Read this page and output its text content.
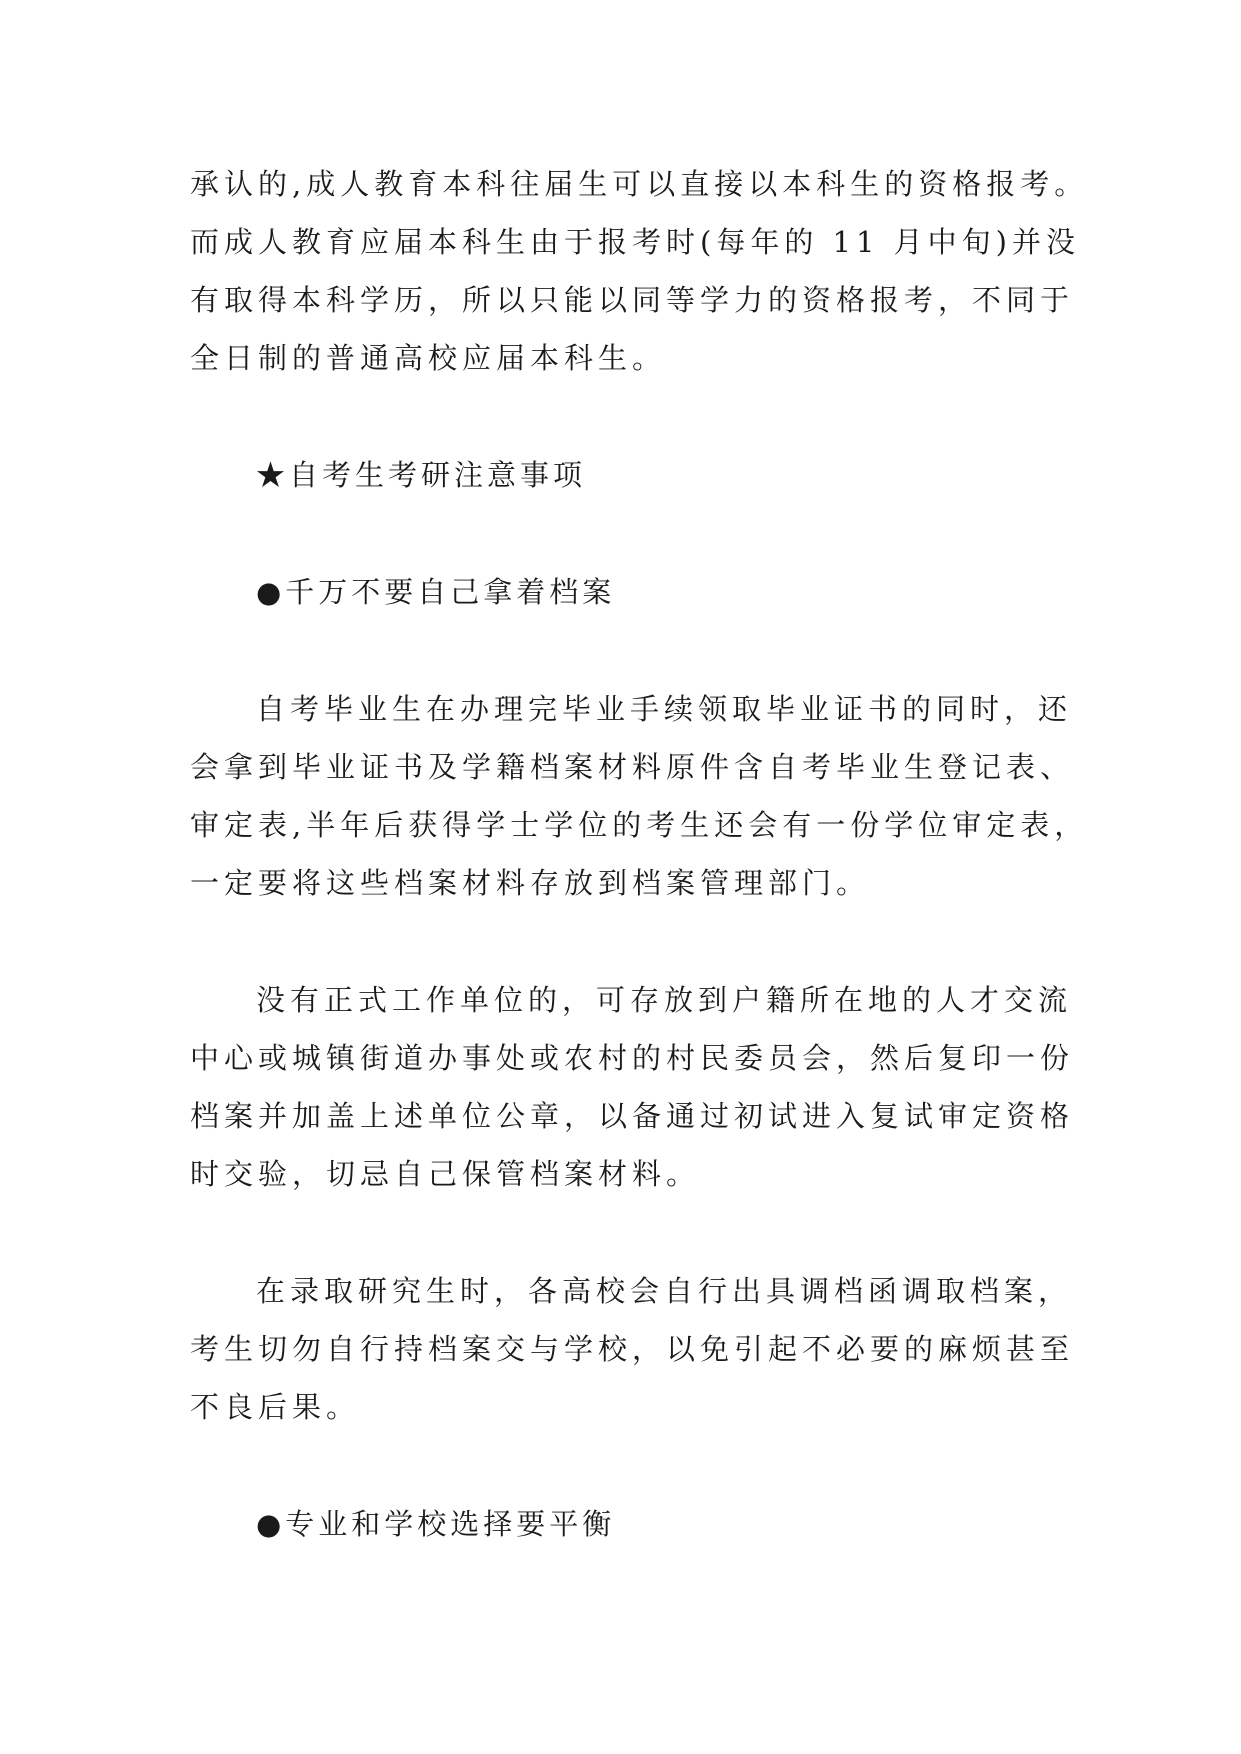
承认的,成人教育本科往届生可以直接以本科生的资格报考。
而成人教育应届本科生由于报考时(每年的 11 月中旬)并没
有取得本科学历，所以只能以同等学力的资格报考，不同于
全日制的普通高校应届本科生。
★自考生考研注意事项
●千万不要自己拿着档案
自考毕业生在办理完毕业手续领取毕业证书的同时，还
会拿到毕业证书及学籍档案材料原件含自考毕业生登记表、
审定表,半年后获得学士学位的考生还会有一份学位审定表，
一定要将这些档案材料存放到档案管理部门。
没有正式工作单位的，可存放到户籍所在地的人才交流
中心或城镇街道办事处或农村的村民委员会，然后复印一份
档案并加盖上述单位公章，以备通过初试进入复试审定资格
时交验，切忌自己保管档案材料。
在录取研究生时，各高校会自行出具调档函调取档案，
考生切勿自行持档案交与学校，以免引起不必要的麻烦甚至
不良后果。
●专业和学校选择要平衡
